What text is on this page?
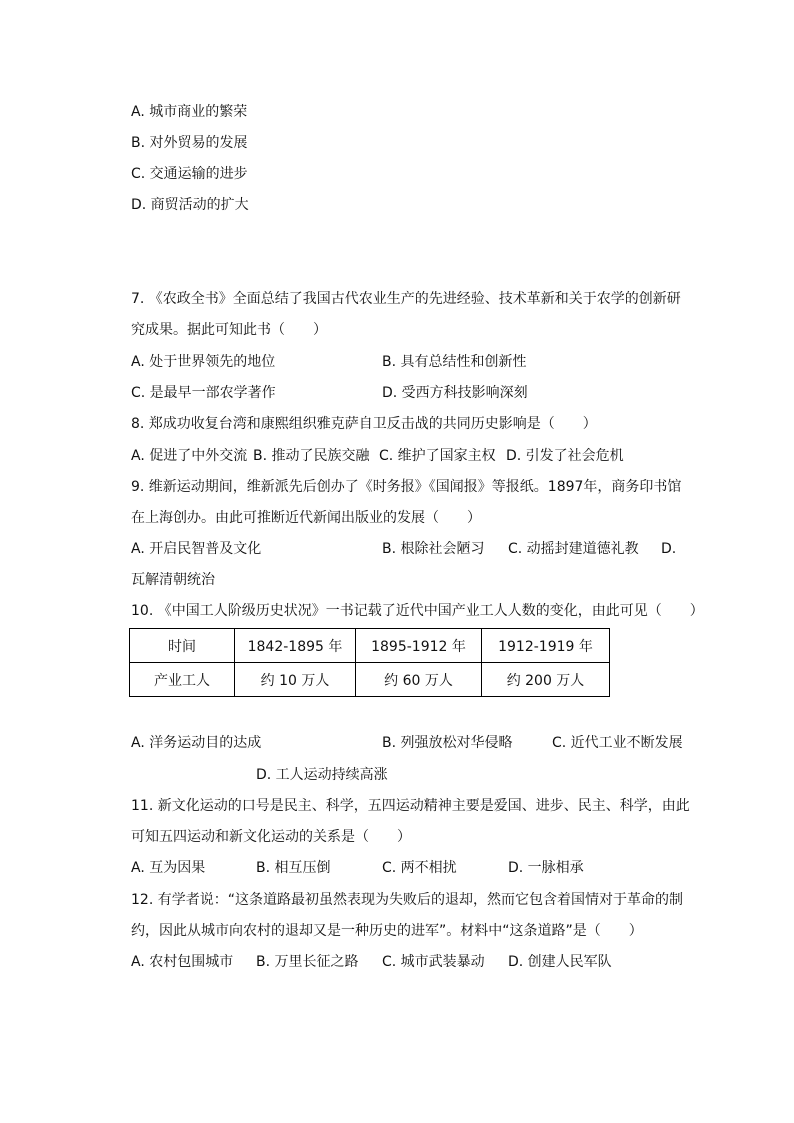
A. 城市商业的繁荣
B. 对外贸易的发展
C. 交通运输的进步
D. 商贸活动的扩大
7. 《农政全书》全面总结了我国古代农业生产的先进经验、技术革新和关于农学的创新研
究成果。据此可知此书（　　）
A. 处于世界领先的地位	B. 具有总结性和创新性
C. 是最早一部农学著作	D. 受西方科技影响深刻
8. 郑成功收复台湾和康熙组织雅克萨自卫反击战的共同历史影响是（　　）
A. 促进了中外交流 B. 推动了民族交融 C. 维护了国家主权 D. 引发了社会危机
9. 维新运动期间，维新派先后创办了《时务报》《国闻报》等报纸。1897年，商务印书馆
在上海创办。由此可推断近代新闻出版业的发展（　　）
A. 开启民智普及文化	B. 根除社会陋习 C. 动摇封建道德礼教 D.
瓦解清朝统治
10. 《中国工人阶级历史状况》一书记载了近代中国产业工人人数的变化，由此可见（　　）
时间	1842-1895 年	1895-1912 年	1912-1919 年
产业工人	约 10 万人	约 60 万人	约 200 万人
A. 洋务运动目的达成	B. 列强放松对华侵略	C. 近代工业不断发展
D. 工人运动持续高涨
11. 新文化运动的口号是民主、科学，五四运动精神主要是爱国、进步、民主、科学，由此
可知五四运动和新文化运动的关系是（　　）
A. 互为因果	B. 相互压倒	C. 两不相扰	D. 一脉相承
12. 有学者说：“这条道路最初虽然表现为失败后的退却，然而它包含着国情对于革命的制
约，因此从城市向农村的退却又是一种历史的进军”。材料中“这条道路”是（　　）
A. 农村包围城市 B. 万里长征之路 C. 城市武装暴动 D. 创建人民军队
